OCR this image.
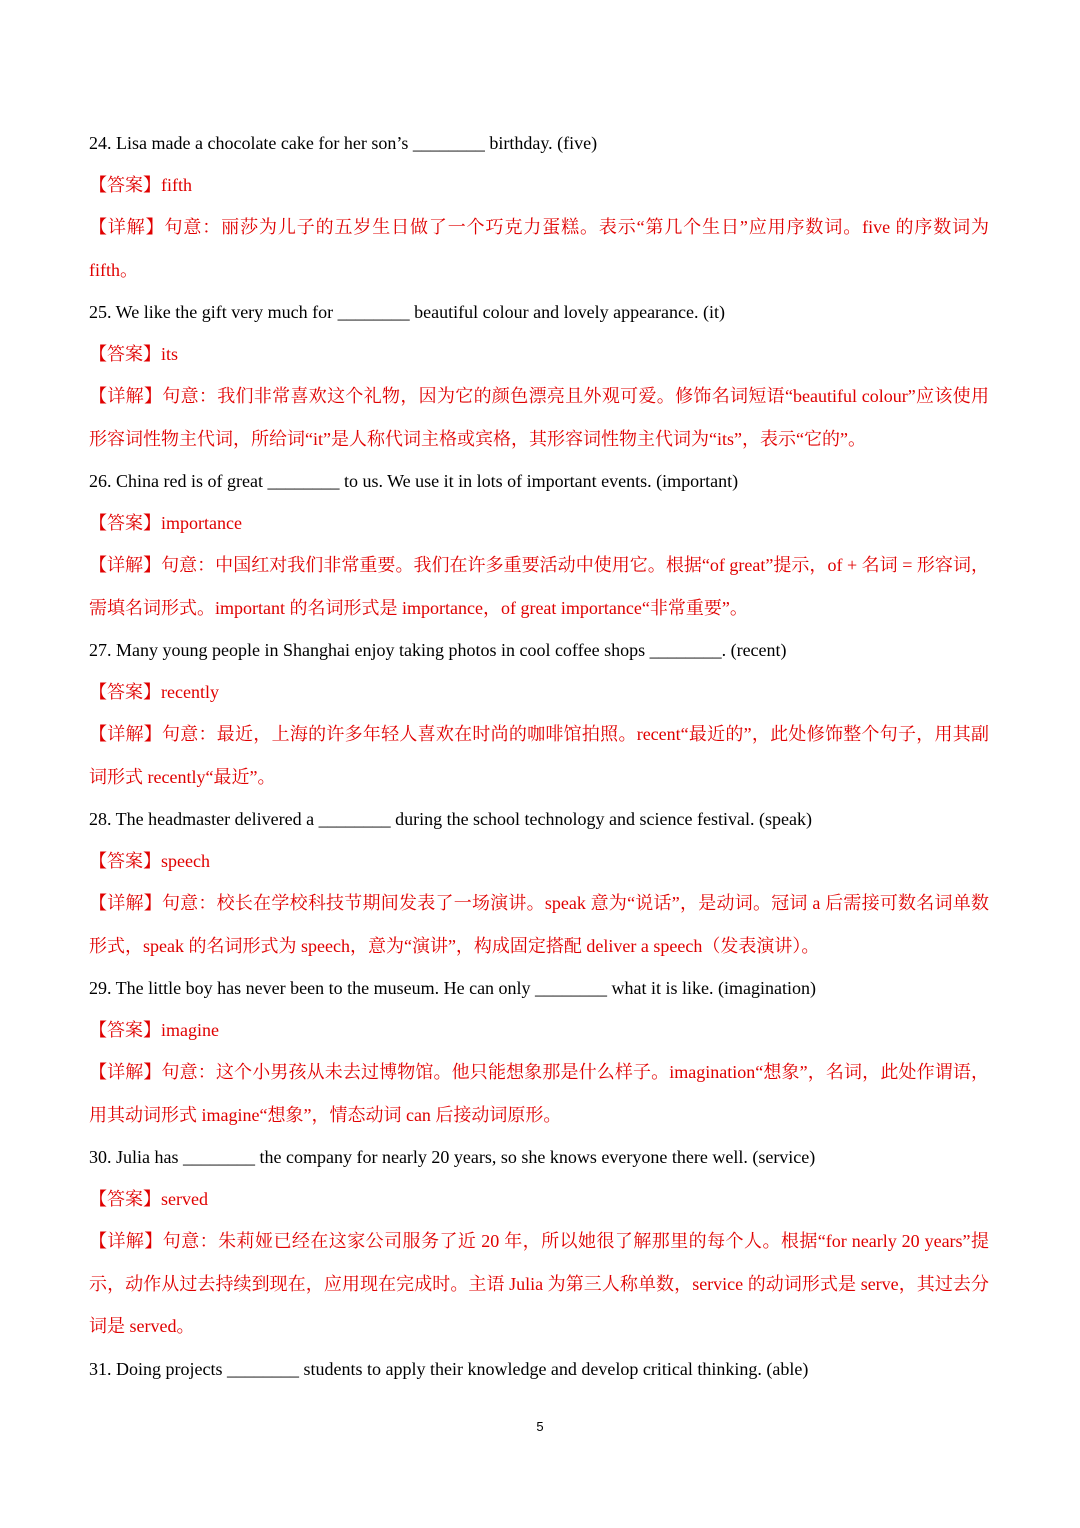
24. Lisa made a chocolate cake for her son’s ________ birthday. (five)
【答案】fifth
【详解】句意：丽莎为儿子的五岁生日做了一个巧克力蛋糕。表示“第几个生日”应用序数词。five 的序数词为 fifth。
25. We like the gift very much for ________ beautiful colour and lovely appearance. (it)
【答案】its
【详解】句意：我们非常喜欢这个礼物，因为它的颜色漂亮且外观可爱。修饰名词短语“beautiful colour”应该使用形容词性物主代词，所给词“it”是人称代词主格或宾格，其形容词性物主代词为“its”，表示“它的”。
26. China red is of great ________ to us. We use it in lots of important events. (important)
【答案】importance
【详解】句意：中国红对我们非常重要。我们在许多重要活动中使用它。根据“of great”提示，of + 名词 = 形容词，需填名词形式。important 的名词形式是 importance，of great importance“非常重要”。
27. Many young people in Shanghai enjoy taking photos in cool coffee shops ________. (recent)
【答案】recently
【详解】句意：最近，上海的许多年轻人喜欢在时尚的咖啡馆拍照。recent“最近的”，此处修饰整个句子，用其副词形式 recently“最近”。
28. The headmaster delivered a ________ during the school technology and science festival. (speak)
【答案】speech
【详解】句意：校长在学校科技节期间发表了一场演讲。speak 意为“说话”，是动词。冠词 a 后需接可数名词单数形式，speak 的名词形式为 speech，意为“演讲”，构成固定搭配 deliver a speech（发表演讲）。
29. The little boy has never been to the museum. He can only ________ what it is like. (imagination)
【答案】imagine
【详解】句意：这个小男孩从未去过博物馆。他只能想象那是什么样子。imagination“想象”，名词，此处作谓语，用其动词形式 imagine“想象”，情态动词 can 后接动词原形。
30. Julia has ________ the company for nearly 20 years, so she knows everyone there well. (service)
【答案】served
【详解】句意：朱莉娅已经在这家公司服务了近 20 年，所以她很了解那里的每个人。根据“for nearly 20 years”提示，动作从过去持续到现在，应用现在完成时。主语 Julia 为第三人称单数，service 的动词形式是 serve，其过去分词是 served。
31. Doing projects ________ students to apply their knowledge and develop critical thinking. (able)
5
